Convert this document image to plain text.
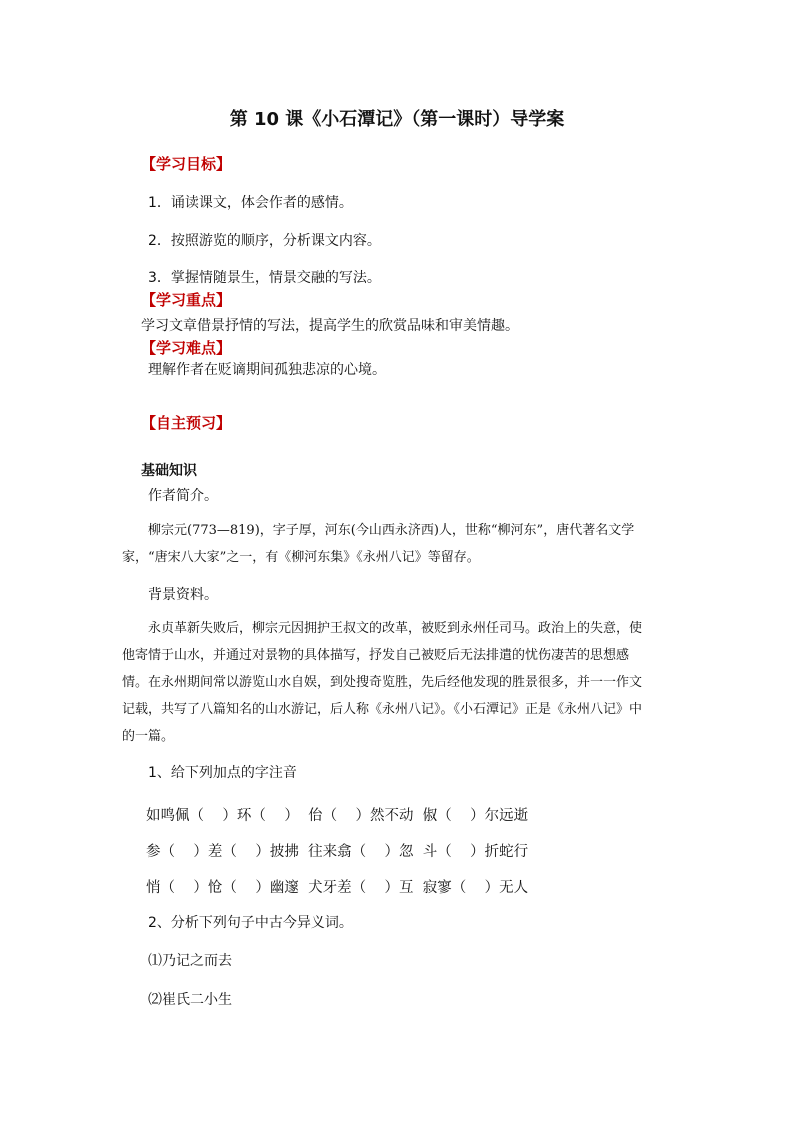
第 10 课《小石潭记》（第一课时）导学案
【学习目标】
1．诵读课文，体会作者的感情。
2．按照游览的顺序，分析课文内容。
3．掌握情随景生，情景交融的写法。
【学习重点】
学习文章借景抒情的写法，提高学生的欣赏品味和审美情趣。
【学习难点】
理解作者在贬谪期间孤独悲凉的心境。
【自主预习】
基础知识
作者简介。
柳宗元(773—819)，字子厚，河东(今山西永济西)人，世称“柳河东”，唐代著名文学家，“唐宋八大家”之一，有《柳河东集》《永州八记》等留存。
背景资料。
永贞革新失败后，柳宗元因拥护王叔文的改革，被贬到永州任司马。政治上的失意，使他寄情于山水，并通过对景物的具体描写，抒发自己被贬后无法排遣的忧伤凄苦的思想感情。在永州期间常以游览山水自娱，到处搜奇览胜，先后经他发现的胜景很多，并一一作文记载，共写了八篇知名的山水游记，后人称《永州八记》。《小石潭记》正是《永州八记》中的一篇。
1、给下列加点的字注音
如鸣佩（    ）环（    ）  佁（    ）然不动  俶（    ）尔远逝
参（    ）差（    ）披拂  往来翕（    ）忽  斗（    ）折蛇行
悄（    ）怆（    ）幽邃  犬牙差（    ）互  寂寥（    ）无人
2、分析下列句子中古今异义词。
⑴乃记之而去
⑵崔氏二小生
